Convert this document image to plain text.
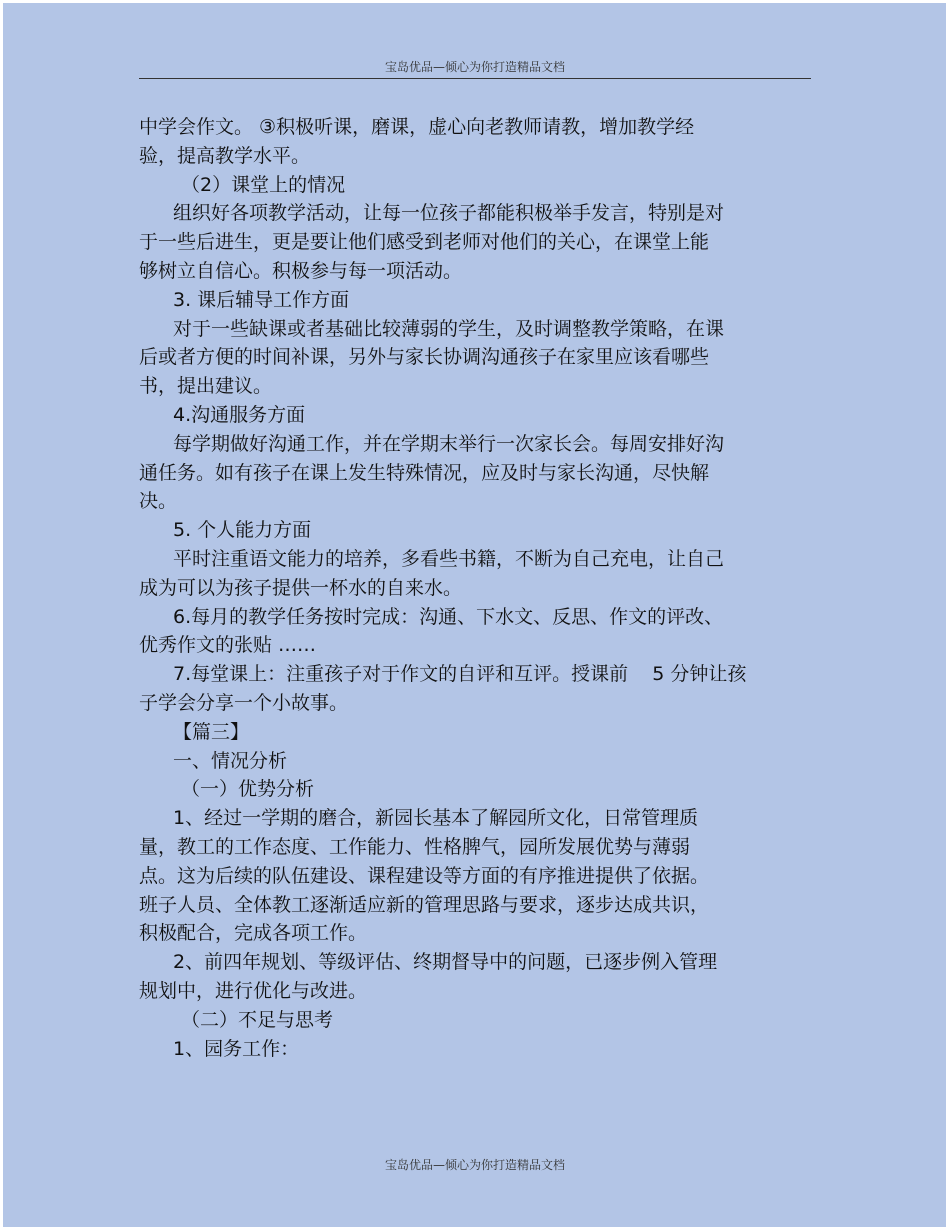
宝岛优品—倾心为你打造精品文档
中学会作文。 ③积极听课，磨课，虚心向老教师请教，增加教学经
验，提高教学水平。
（2）课堂上的情况
组织好各项教学活动，让每一位孩子都能积极举手发言，特别是对
于一些后进生，更是要让他们感受到老师对他们的关心，在课堂上能
够树立自信心。积极参与每一项活动。
3. 课后辅导工作方面
对于一些缺课或者基础比较薄弱的学生，及时调整教学策略，在课
后或者方便的时间补课，另外与家长协调沟通孩子在家里应该看哪些
书，提出建议。
4.沟通服务方面
每学期做好沟通工作，并在学期末举行一次家长会。每周安排好沟
通任务。如有孩子在课上发生特殊情况，应及时与家长沟通，尽快解
决。
5. 个人能力方面
平时注重语文能力的培养，多看些书籍，不断为自己充电，让自己
成为可以为孩子提供一杯水的自来水。
6.每月的教学任务按时完成：沟通、下水文、反思、作文的评改、
优秀作文的张贴 ……
7.每堂课上：注重孩子对于作文的自评和互评。授课前    5 分钟让孩
子学会分享一个小故事。
【篇三】
一、情况分析
（一）优势分析
1、经过一学期的磨合，新园长基本了解园所文化，日常管理质
量，教工的工作态度、工作能力、性格脾气，园所发展优势与薄弱
点。这为后续的队伍建设、课程建设等方面的有序推进提供了依据。
班子人员、全体教工逐渐适应新的管理思路与要求，逐步达成共识，
积极配合，完成各项工作。
2、前四年规划、等级评估、终期督导中的问题，已逐步例入管理
规划中，进行优化与改进。
（二）不足与思考
1、园务工作：
宝岛优品—倾心为你打造精品文档
